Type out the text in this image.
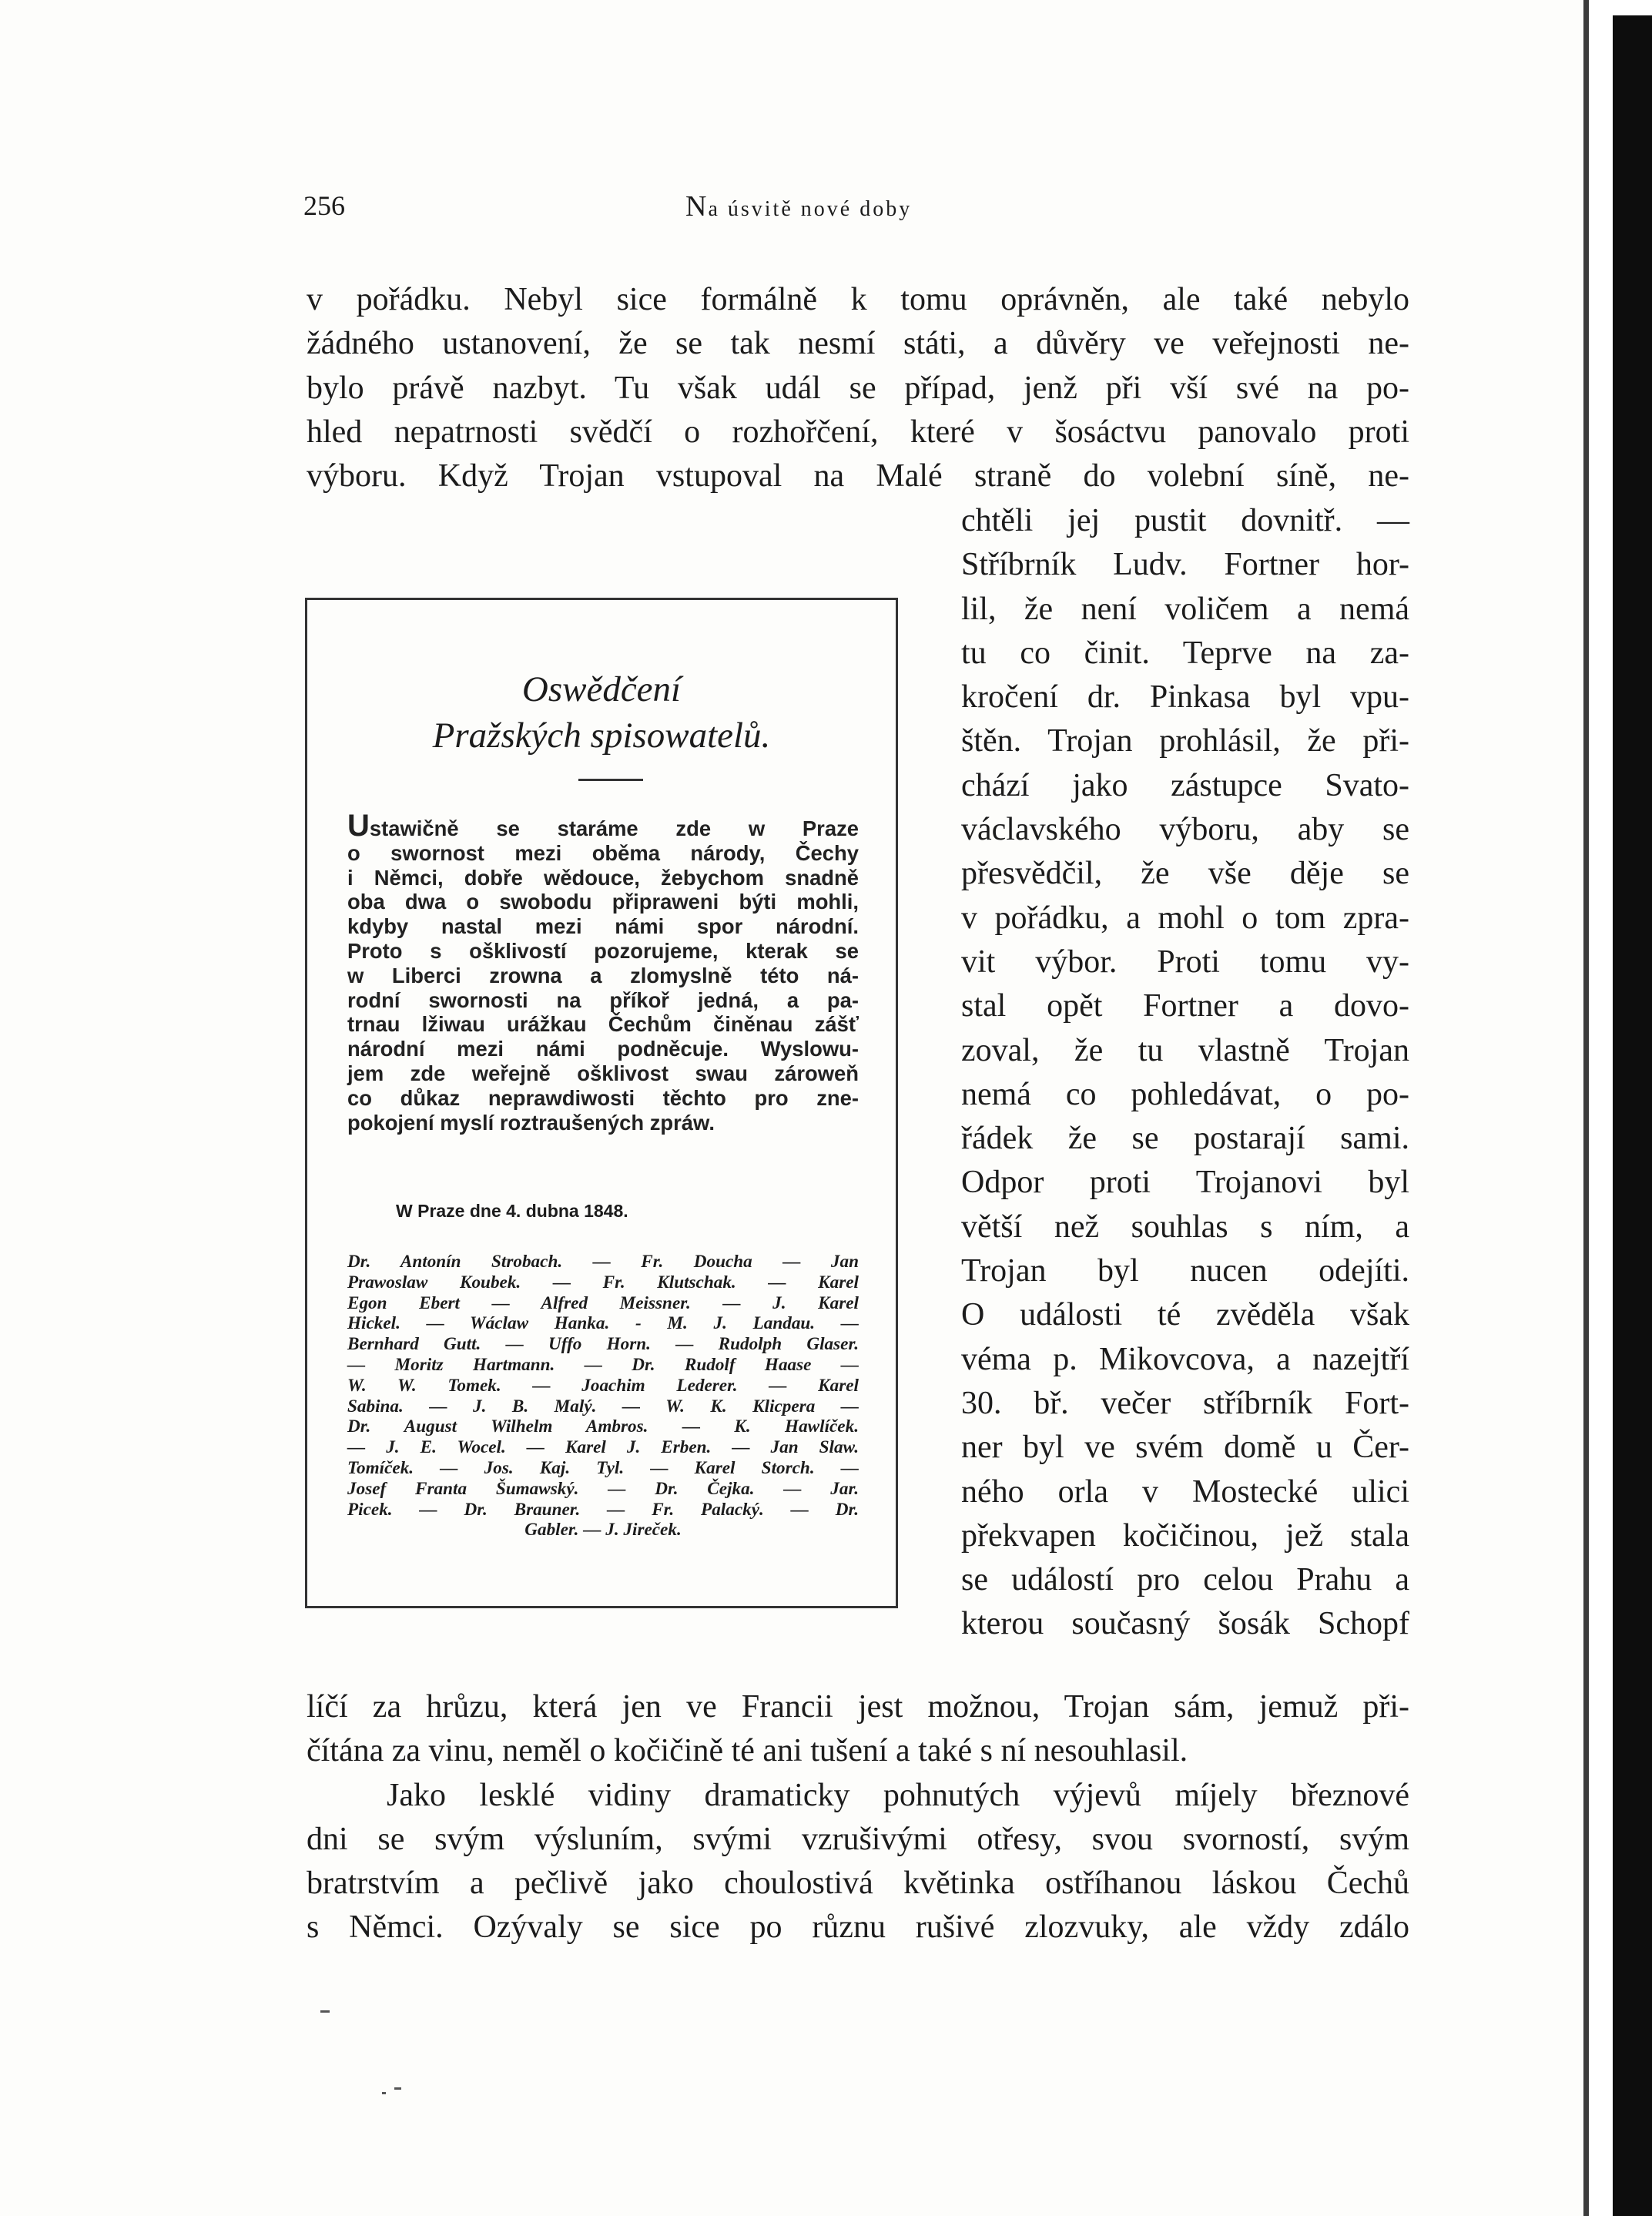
256	Na úsvitě nové doby

v pořádku. Nebyl sice formálně k tomu oprávněn, ale také nebylo

žádného ustanovení, že se tak nesmí státi, a důvěry ve veřejnosti ne-

bylo právě nazbyt. Tu však udál se případ, jenž při vší své na po-

hled nepatrnosti svědčí o rozhořčení, které v šosáctvu panovalo proti

výboru. Když Trojan vstupoval na Malé straně do volební síně, ne-

chtěli jej pustit dovnitř. —

Stříbrník Ludv. Fortner hor-

lil, že není voličem a nemá

tu co činit. Teprve na za-

kročení dr. Pinkasa byl vpu-

štěn. Trojan prohlásil, že při-

chází jako zástupce Svato-

václavského výboru, aby se

přesvědčil, že vše děje se

v pořádku, a mohl o tom zpra-

vit výbor. Proti tomu vy-

stal opět Fortner a dovo-

zoval, že tu vlastně Trojan

nemá co pohledávat, o po-

řádek že se postarají sami.

Odpor proti Trojanovi byl

větší než souhlas s ním, a

Trojan byl nucen odejíti.

O události té zvěděla však

véma p. Mikovcova, a nazejtří

30. bř. večer stříbrník Fort-

ner byl ve svém domě u Čer-

ného orla v Mostecké ulici

překvapen kočičinou, jež stala

se událostí pro celou Prahu a

kterou současný šosák Schopf

líčí za hrůzu, která jen ve Francii jest možnou, Trojan sám, jemuž při-

čítána za vinu, neměl o kočičině té ani tušení a také s ní nesouhlasil.

Jako lesklé vidiny dramaticky pohnutých výjevů míjely březnové

dni se svým výsluním, svými vzrušivými otřesy, svou svorností, svým

bratrstvím a pečlivě jako choulostivá květinka ostříhanou láskou Čechů

s Němci. Ozývaly se sice po různu rušivé zlozvuky, ale vždy zdálo

Oswědčení
Pražských spisowatelů.

Ustawičně se staráme zde w Praze

o swornost mezi oběma národy, Čechy

i Němci, dobře wědouce, žebychom snadně

oba dwa o swobodu připraweni býti mohli,

kdyby nastal mezi námi spor národní.

Proto s ošklivostí pozorujeme, kterak se

w Liberci zrowna a zlomyslně této ná-

rodní swornosti na příkoř jedná, a pa-

trnau lžiwau urážkau Čechům činěnau zášť

národní mezi námi podněcuje. Wyslowu-

jem zde weřejně ošklivost swau zároweň

co důkaz neprawdiwosti těchto pro zne-

pokojení myslí roztraušených zpráw.

W Praze dne 4. dubna 1848.

Dr. Antonín Strobach. — Fr. Doucha — Jan

Prawoslaw Koubek. — Fr. Klutschak. — Karel

Egon Ebert — Alfred Meissner. — J. Karel

Hickel. — Wáclaw Hanka. - M. J. Landau. —

Bernhard Gutt. — Uffo Horn. — Rudolph Glaser.

— Moritz Hartmann. — Dr. Rudolf Haase —

W. W. Tomek. — Joachim Lederer. — Karel

Sabina. — J. B. Malý. — W. K. Klicpera —

Dr. August Wilhelm Ambros. — K. Hawlíček.

— J. E. Wocel. — Karel J. Erben. — Jan Slaw.

Tomíček. — Jos. Kaj. Tyl. — Karel Storch. —

Josef Franta Šumawský. — Dr. Čejka. — Jar.

Picek. — Dr. Brauner. — Fr. Palacký. — Dr.

Gabler. — J. Jireček.
